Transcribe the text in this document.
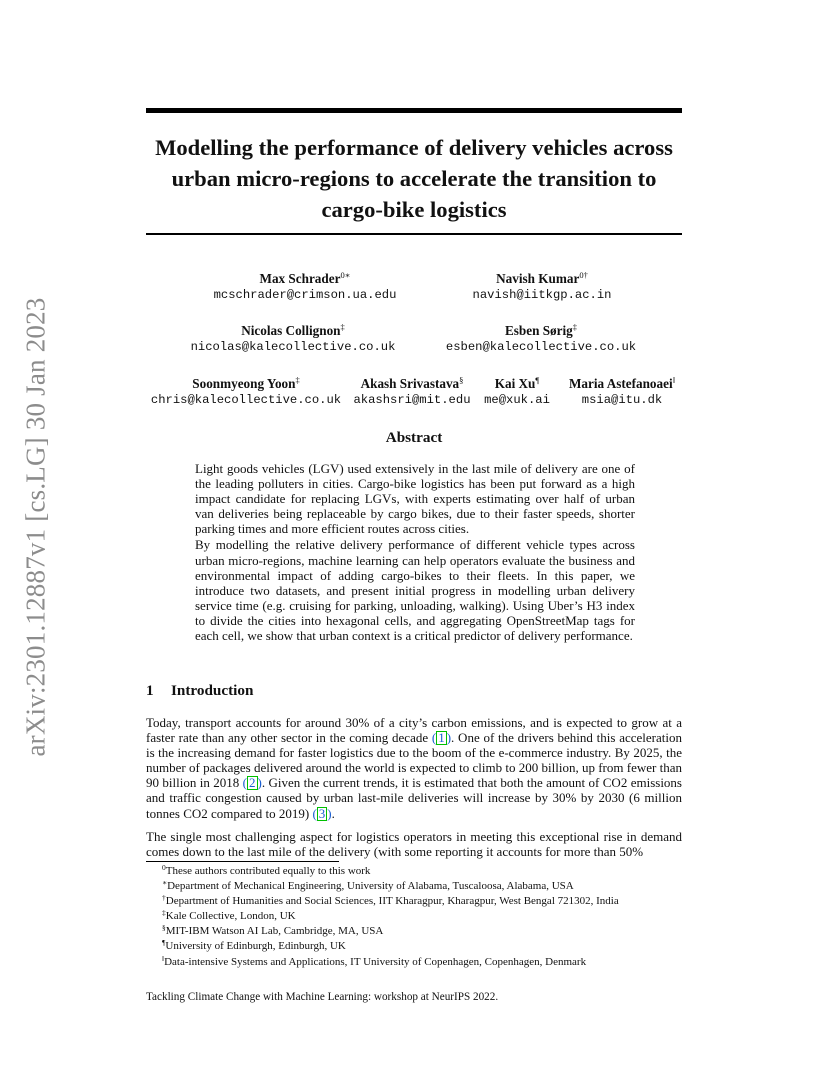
Modelling the performance of delivery vehicles across urban micro-regions to accelerate the transition to cargo-bike logistics
arXiv:2301.12887v1 [cs.LG] 30 Jan 2023
Max Schrader$^{0∗}$
mcschrader@crimson.ua.edu
Navish Kumar$^{0\dagger}$
navish@iitkgp.ac.in
Nicolas Collignon‡
nicolas@kalecollective.co.uk
Esben Sørig‡
esben@kalecollective.co.uk
Soonmyeong Yoon‡
chris@kalecollective.co.uk
Akash Srivastava§
akashsri@mit.edu
Kai Xu¶
me@xuk.ai
Maria Astefanoaei‖
msia@itu.dk
Abstract

Light goods vehicles (LGV) used extensively in the last mile of delivery are one of the leading polluters in cities. Cargo-bike logistics has been put forward as a high impact candidate for replacing LGVs, with experts estimating over half of urban van deliveries being replaceable by cargo bikes, due to their faster speeds, shorter parking times and more efficient routes across cities.

By modelling the relative delivery performance of different vehicle types across urban micro-regions, machine learning can help operators evaluate the business and environmental impact of adding cargo-bikes to their fleets. In this paper, we introduce two datasets, and present initial progress in modelling urban delivery service time (e.g. cruising for parking, unloading, walking). Using Uber’s H3 index to divide the cities into hexagonal cells, and aggregating OpenStreetMap tags for each cell, we show that urban context is a critical predictor of delivery performance.

1 Introduction

Today, transport accounts for around 30% of a city’s carbon emissions, and is expected to grow at a faster rate than any other sector in the coming decade ( 1 ). One of the drivers behind this acceleration is the increasing demand for faster logistics due to the boom of the e-commerce industry. By 2025, the number of packages delivered around the world is expected to climb to 200 billion, up from fewer than 90 billion in 2018 ( 2 ). Given the current trends, it is estimated that both the amount of CO2 emissions and traffic congestion caused by urban last-mile deliveries will increase by 30% by 2030 (6 million tonnes CO2 compared to 2019) ( 3 ).

The single most challenging aspect for logistics operators in meeting this exceptional rise in demand comes down to the last mile of the delivery (with some reporting it accounts for more than 50%

$^0$These authors contributed equally to this work
∗Department of Mechanical Engineering, University of Alabama, Tuscaloosa, Alabama, USA
†Department of Humanities and Social Sciences, IIT Kharagpur, Kharagpur, West Bengal 721302, India
‡Kale Collective, London, UK
§MIT-IBM Watson AI Lab, Cambridge, MA, USA
¶University of Edinburgh, Edinburgh, UK
‖Data-intensive Systems and Applications, IT University of Copenhagen, Copenhagen, Denmark
Tackling Climate Change with Machine Learning: workshop at NeurIPS 2022.
